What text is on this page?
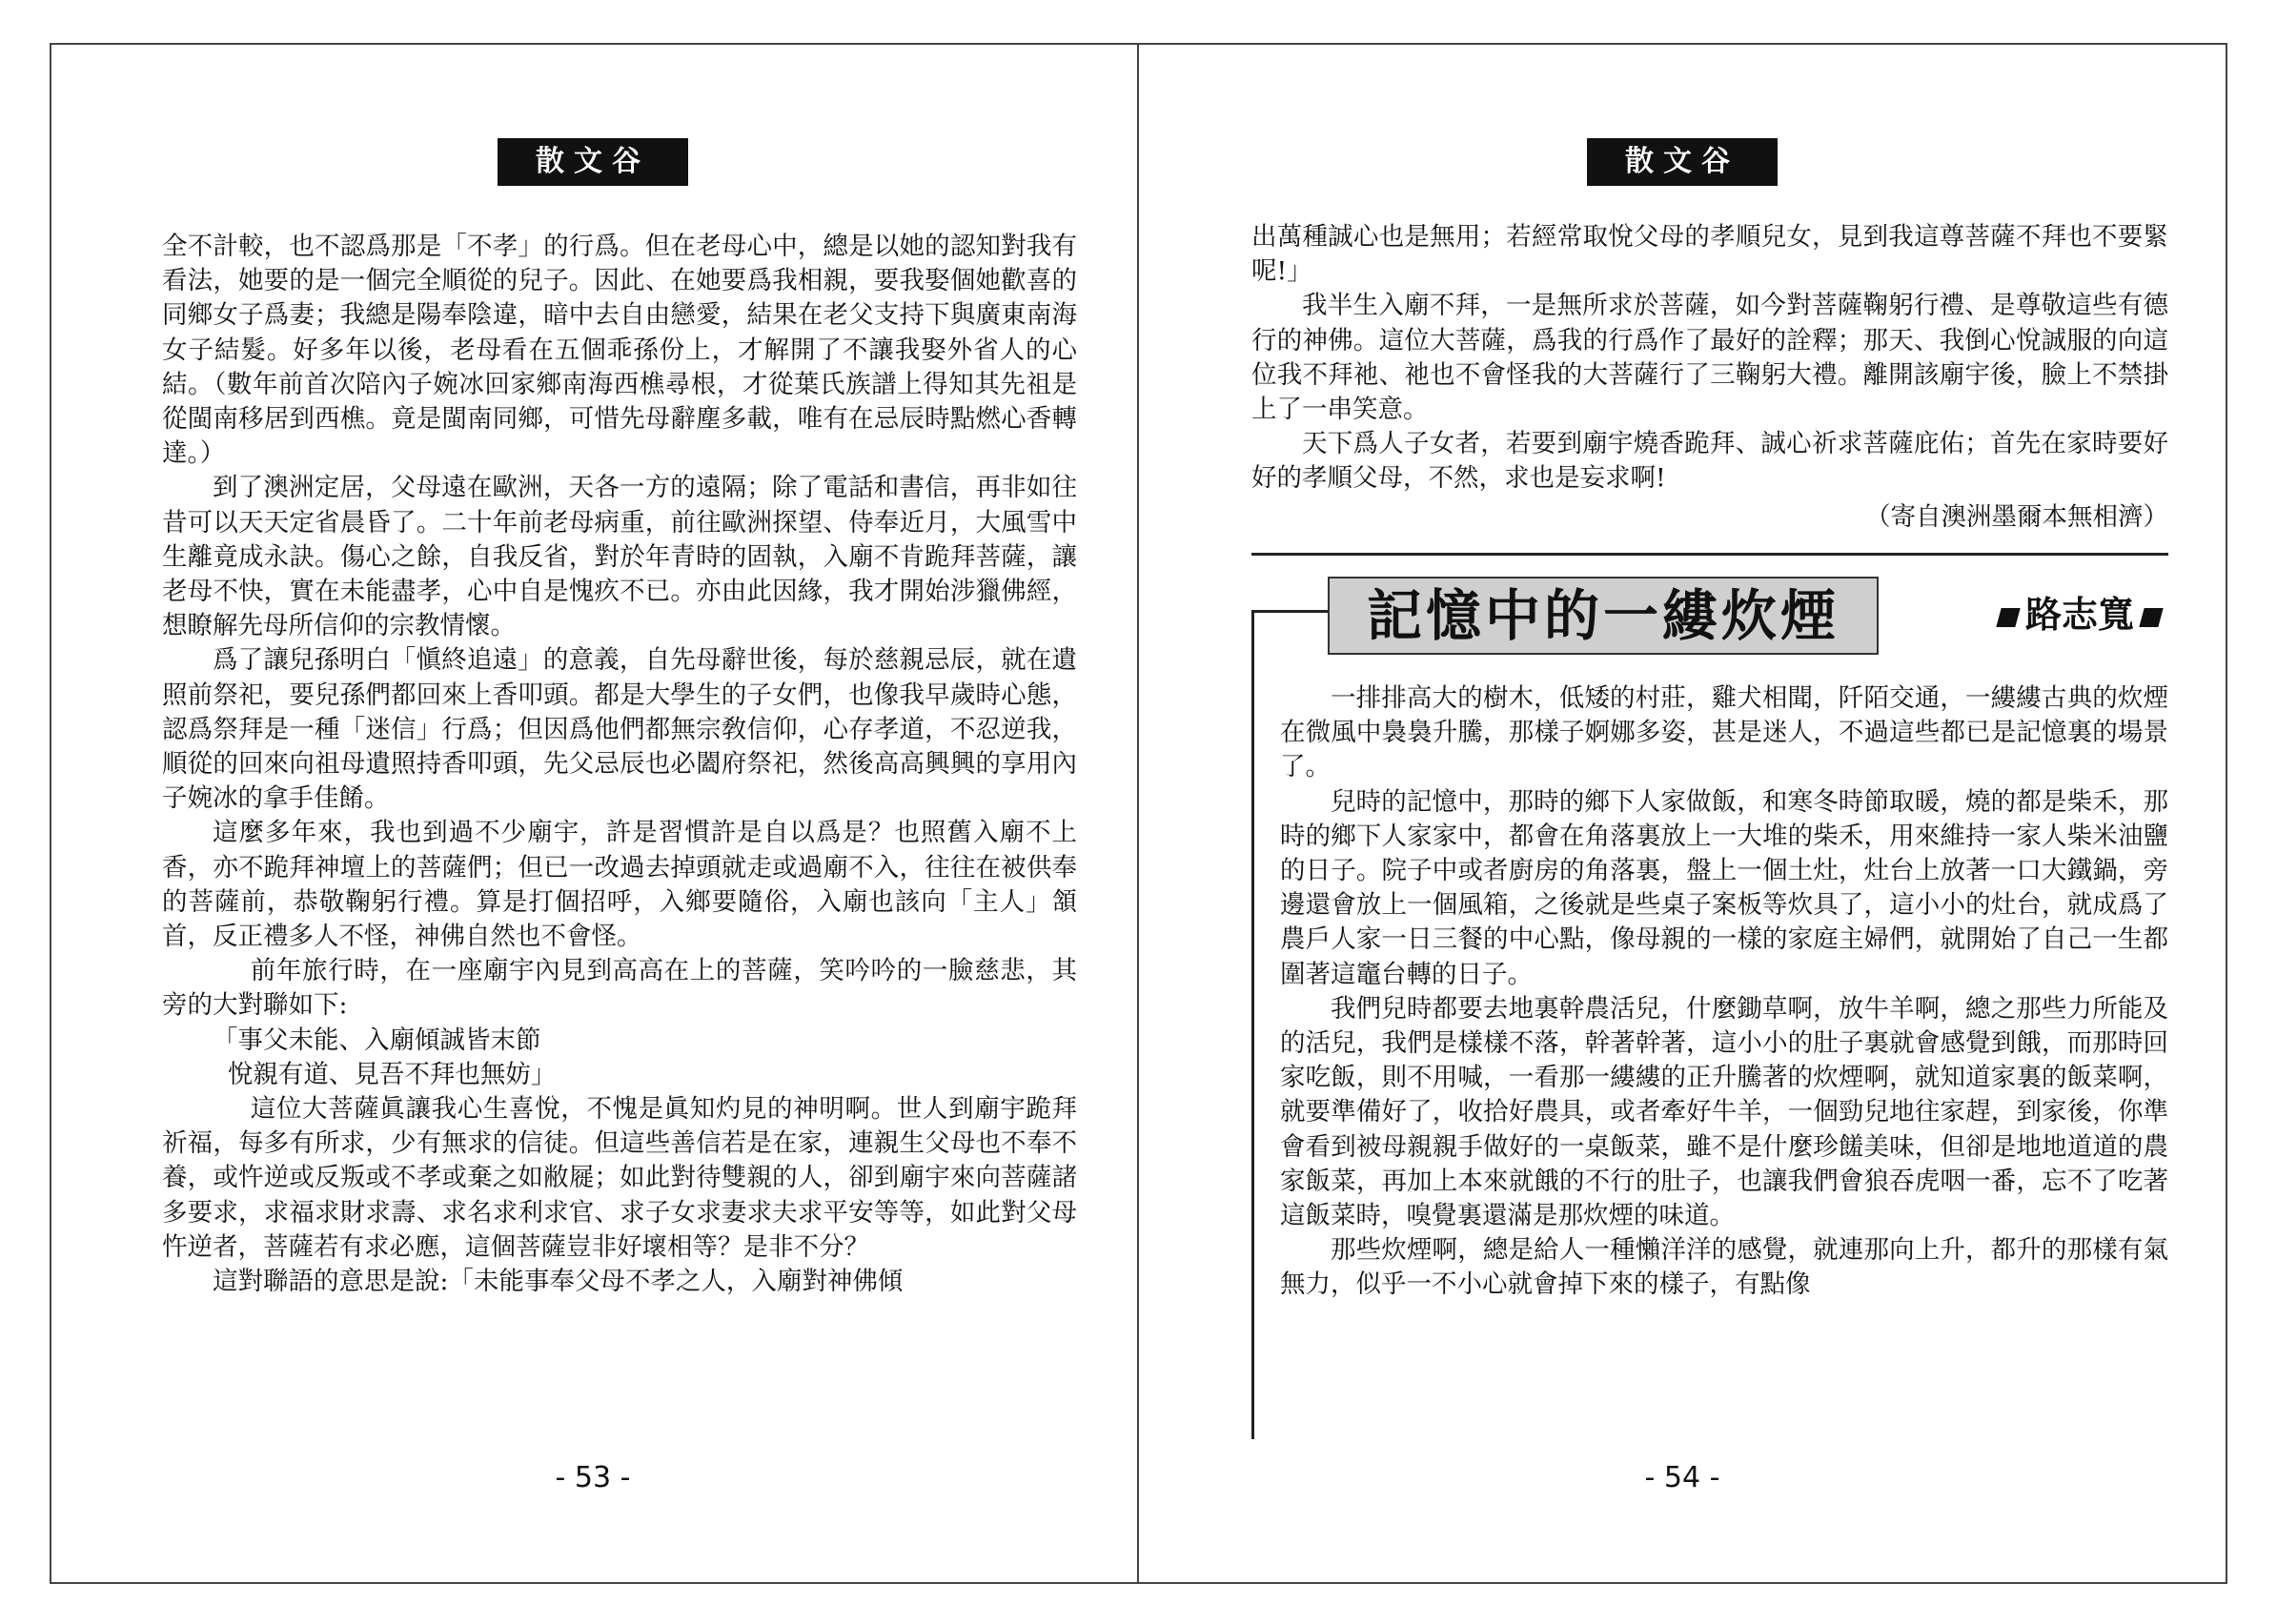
散文谷

全不計較，也不認爲那是「不孝」的行爲。但在老母心中，總是以她的認知對我有看法，她要的是一個完全順從的兒子。因此、在她要爲我相親，要我娶個她歡喜的同鄉女子爲妻；我總是陽奉陰違，暗中去自由戀愛，結果在老父支持下與廣東南海女子結髮。好多年以後，老母看在五個乖孫份上，才解開了不讓我娶外省人的心結。（數年前首次陪內子婉冰回家鄉南海西樵尋根，才從葉氏族譜上得知其先祖是從閩南移居到西樵。竟是閩南同鄉，可惜先母辭塵多載，唯有在忌辰時點燃心香轉達。）

到了澳洲定居，父母遠在歐洲，天各一方的遠隔；除了電話和書信，再非如往昔可以天天定省晨昏了。二十年前老母病重，前往歐洲探望、侍奉近月，大風雪中生離竟成永訣。傷心之餘，自我反省，對於年青時的固執，入廟不肯跪拜菩薩，讓老母不快，實在未能盡孝，心中自是愧疚不已。亦由此因緣，我才開始涉獵佛經，想瞭解先母所信仰的宗教情懷。

爲了讓兒孫明白「愼終追遠」的意義，自先母辭世後，每於慈親忌辰，就在遺照前祭祀，要兒孫們都回來上香叩頭。都是大學生的子女們，也像我早歲時心態，認爲祭拜是一種「迷信」行爲；但因爲他們都無宗敎信仰，心存孝道，不忍逆我，順從的回來向祖母遺照持香叩頭，先父忌辰也必闔府祭祀，然後高高興興的享用內子婉冰的拿手佳餚。

這麼多年來，我也到過不少廟宇，許是習慣許是自以爲是？也照舊入廟不上香，亦不跪拜神壇上的菩薩們；但已一改過去掉頭就走或過廟不入，往往在被供奉的菩薩前，恭敬鞠躬行禮。算是打個招呼，入鄉要隨俗，入廟也該向「主人」頷首，反正禮多人不怪，神佛自然也不會怪。

前年旅行時，在一座廟宇內見到高高在上的菩薩，笑吟吟的一臉慈悲，其旁的大對聯如下:

「事父未能、入廟傾誠皆末節

悅親有道、見吾不拜也無妨」

這位大菩薩眞讓我心生喜悅，不愧是眞知灼見的神明啊。世人到廟宇跪拜祈福，每多有所求，少有無求的信徒。但這些善信若是在家，連親生父母也不奉不養，或忤逆或反叛或不孝或棄之如敝屣；如此對待雙親的人，卻到廟宇來向菩薩諸多要求，求福求財求壽、求名求利求官、求子女求妻求夫求平安等等，如此對父母忤逆者，菩薩若有求必應，這個菩薩豈非好壞相等？是非不分？

這對聯語的意思是說:「未能事奉父母不孝之人，入廟對神佛傾

- 53 -
散文谷

出萬種誠心也是無用；若經常取悅父母的孝順兒女，見到我這尊菩薩不拜也不要緊呢!」

我半生入廟不拜，一是無所求於菩薩，如今對菩薩鞠躬行禮、是尊敬這些有德行的神佛。這位大菩薩，爲我的行爲作了最好的詮釋；那天、我倒心悅誠服的向這位我不拜祂、祂也不會怪我的大菩薩行了三鞠躬大禮。離開該廟宇後，臉上不禁掛上了一串笑意。

天下爲人子女者，若要到廟宇燒香跪拜、誠心祈求菩薩庇佑；首先在家時要好好的孝順父母，不然，求也是妄求啊!

（寄自澳洲墨爾本無相濟）
記憶中的一縷炊煙	路志寬

一排排高大的樹木，低矮的村莊，雞犬相聞，阡陌交通，一縷縷古典的炊煙在微風中裊裊升騰，那樣子婀娜多姿，甚是迷人，不過這些都已是記憶裏的場景了。

兒時的記憶中，那時的鄉下人家做飯，和寒冬時節取暖，燒的都是柴禾，那時的鄉下人家家中，都會在角落裏放上一大堆的柴禾，用來維持一家人柴米油鹽的日子。院子中或者廚房的角落裏，盤上一個土灶，灶台上放著一口大鐵鍋，旁邊還會放上一個風箱，之後就是些桌子案板等炊具了，這小小的灶台，就成爲了農戶人家一日三餐的中心點，像母親的一樣的家庭主婦們，就開始了自己一生都圍著這竈台轉的日子。

我們兒時都要去地裏幹農活兒，什麼鋤草啊，放牛羊啊，總之那些力所能及的活兒，我們是樣樣不落，幹著幹著，這小小的肚子裏就會感覺到餓，而那時回家吃飯，則不用喊，一看那一縷縷的正升騰著的炊煙啊，就知道家裏的飯菜啊，就要準備好了，收拾好農具，或者牽好牛羊，一個勁兒地往家趕，到家後，你準會看到被母親親手做好的一桌飯菜，雖不是什麼珍饈美味，但卻是地地道道的農家飯菜，再加上本來就餓的不行的肚子，也讓我們會狼吞虎咽一番，忘不了吃著這飯菜時，嗅覺裏還滿是那炊煙的味道。

那些炊煙啊，總是給人一種懶洋洋的感覺，就連那向上升，都升的那樣有氣無力，似乎一不小心就會掉下來的樣子，有點像

- 54 -
